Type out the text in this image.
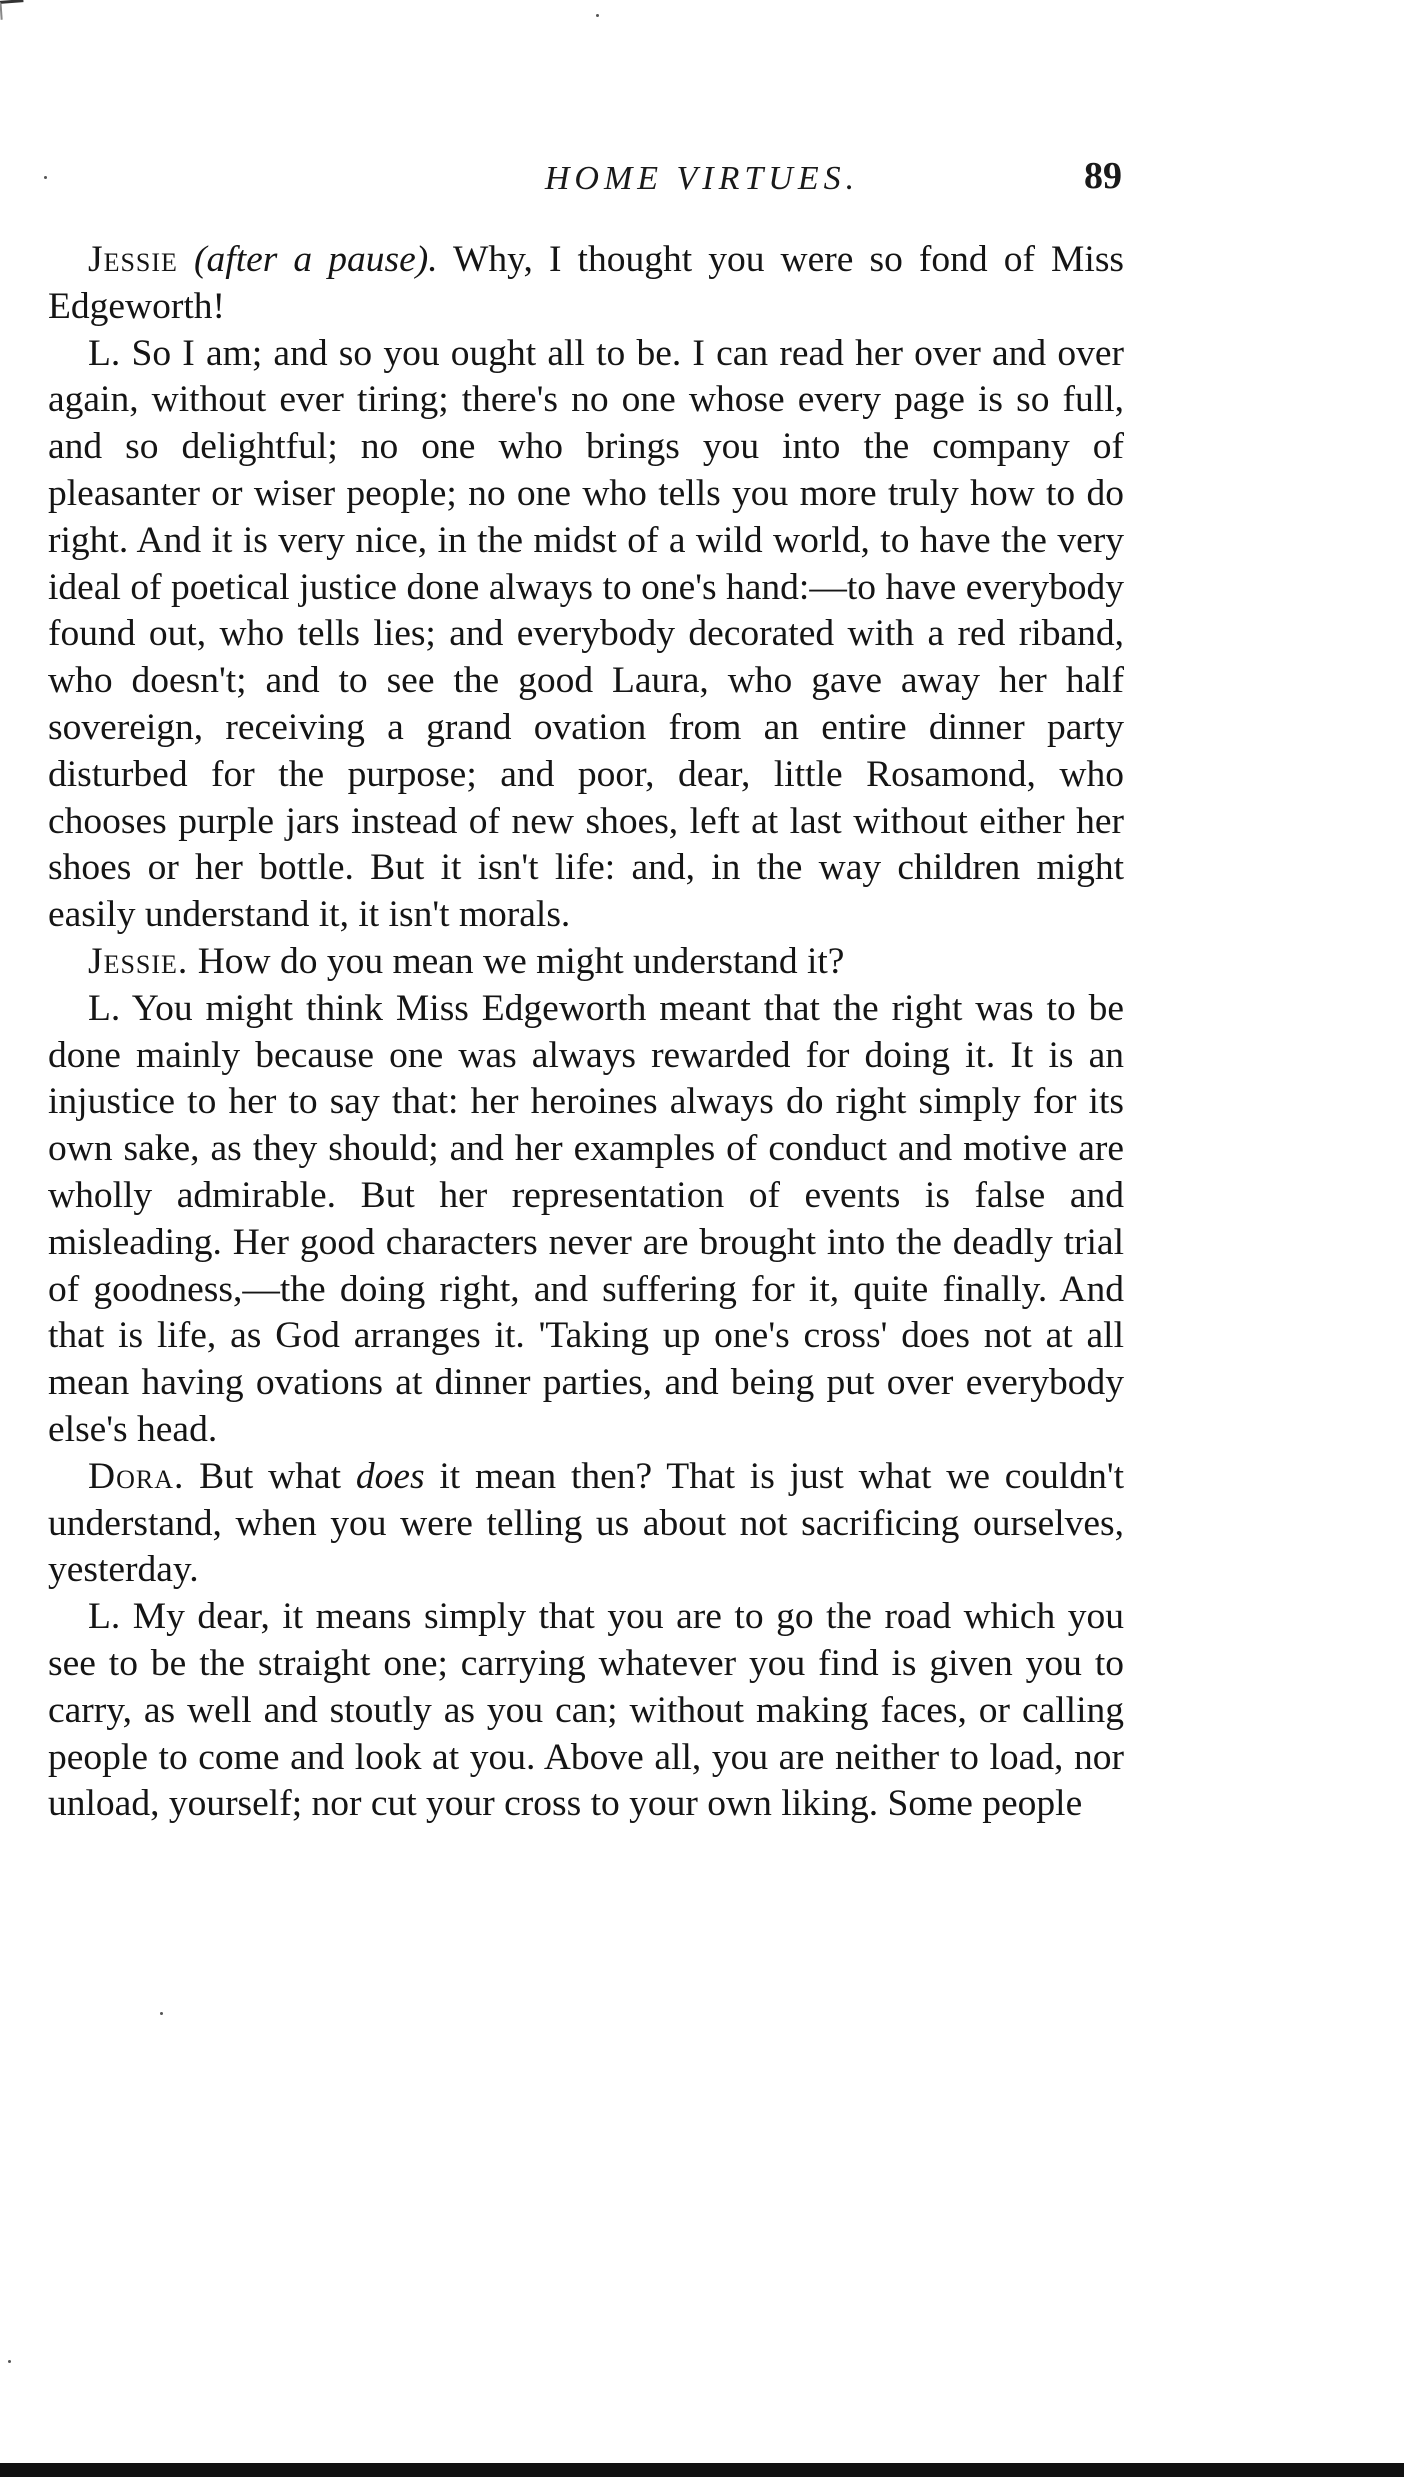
HOME VIRTUES.	89

Jessie (after a pause). Why, I thought you were so fond of Miss Edgeworth!

L. So I am; and so you ought all to be. I can read her over and over again, without ever tiring; there's no one whose every page is so full, and so delightful; no one who brings you into the company of pleasanter or wiser people; no one who tells you more truly how to do right. And it is very nice, in the midst of a wild world, to have the very ideal of poetical justice done always to one's hand:—to have everybody found out, who tells lies; and everybody decorated with a red riband, who doesn't; and to see the good Laura, who gave away her half sovereign, receiving a grand ovation from an entire dinner party disturbed for the purpose; and poor, dear, little Rosamond, who chooses purple jars instead of new shoes, left at last without either her shoes or her bottle. But it isn't life: and, in the way children might easily understand it, it isn't morals.

Jessie. How do you mean we might understand it?

L. You might think Miss Edgeworth meant that the right was to be done mainly because one was always rewarded for doing it. It is an injustice to her to say that: her heroines always do right simply for its own sake, as they should; and her examples of conduct and motive are wholly admirable. But her representation of events is false and misleading. Her good characters never are brought into the deadly trial of goodness,—the doing right, and suffering for it, quite finally. And that is life, as God arranges it. 'Taking up one's cross' does not at all mean having ovations at dinner parties, and being put over everybody else's head.

Dora. But what does it mean then? That is just what we couldn't understand, when you were telling us about not sacrificing ourselves, yesterday.

L. My dear, it means simply that you are to go the road which you see to be the straight one; carrying whatever you find is given you to carry, as well and stoutly as you can; without making faces, or calling people to come and look at you. Above all, you are neither to load, nor unload, yourself; nor cut your cross to your own liking. Some people
